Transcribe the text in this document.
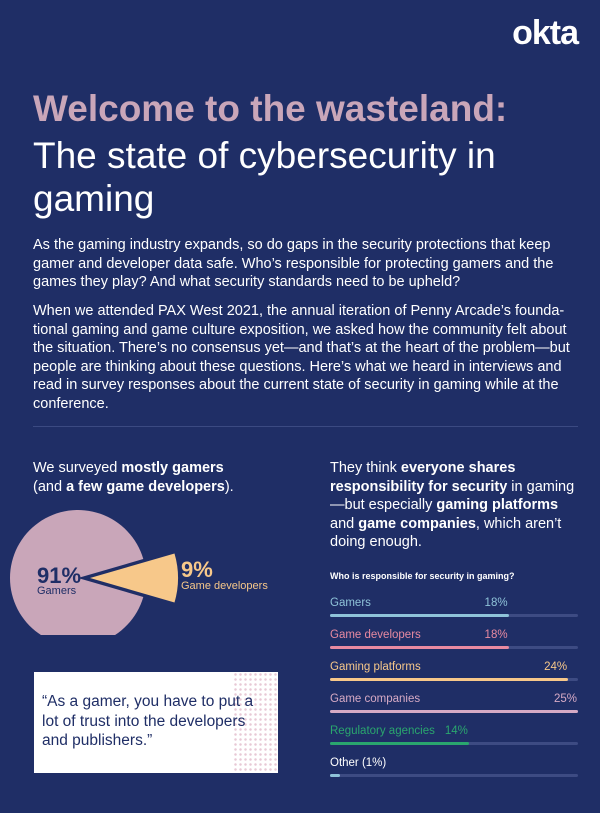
okta
Welcome to the wasteland:
The state of cybersecurity in gaming
As the gaming industry expands, so do gaps in the security protections that keep gamer and developer data safe. Who’s responsible for protecting gamers and the games they play? And what security standards need to be upheld?
When we attended PAX West 2021, the annual iteration of Penny Arcade’s founda-tional gaming and game culture exposition, we asked how the community felt about the situation. There’s no consensus yet—and that’s at the heart of the problem—but people are thinking about these questions. Here’s what we heard in interviews and read in survey responses about the current state of security in gaming while at the conference.
We surveyed mostly gamers
(and a few game developers).
91%
Gamers
9%
Game developers
“As a gamer, you have to put a lot of trust into the developers and publishers.”
They think everyone shares responsibility for security in gaming—but especially gaming platforms and game companies, which aren’t doing enough.
Who is responsible for security in gaming?
Gamers	18%
Game developers	18%
Gaming platforms	24%
Game companies	25%
Regulatory agencies 14%
Other (1%)
